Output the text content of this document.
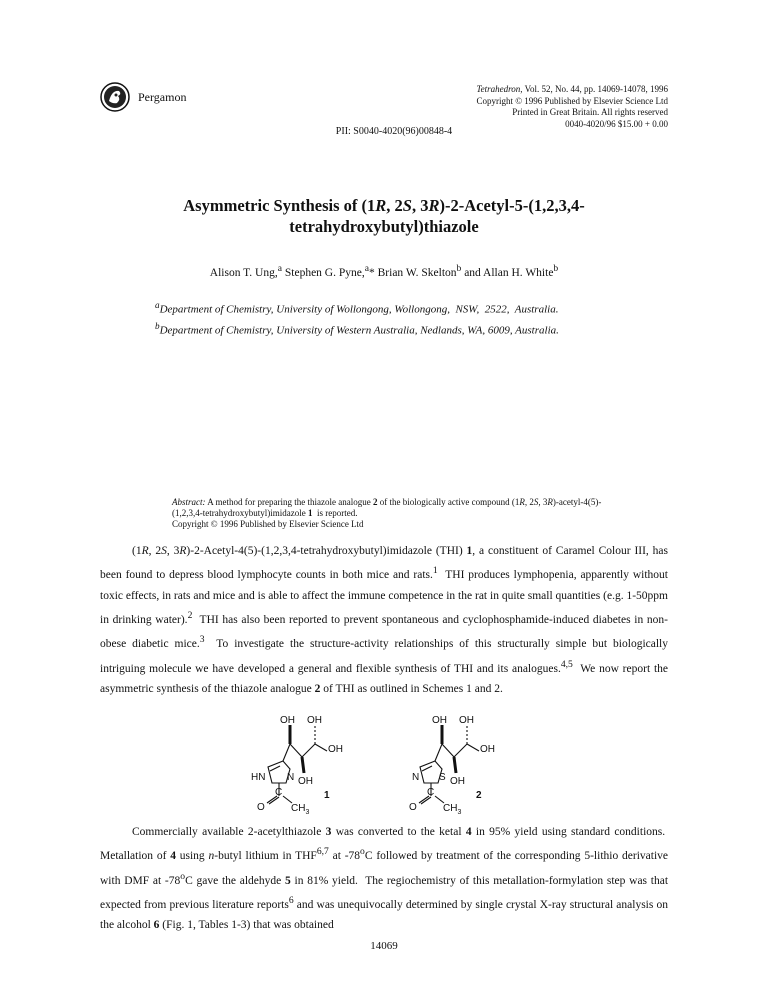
Pergamon
Tetrahedron, Vol. 52, No. 44, pp. 14069-14078, 1996
Copyright © 1996 Published by Elsevier Science Ltd
Printed in Great Britain. All rights reserved
0040-4020/96 $15.00 + 0.00
PII: S0040-4020(96)00848-4
Asymmetric Synthesis of (1R, 2S, 3R)-2-Acetyl-5-(1,2,3,4-
tetrahydroxybutyl)thiazole
Alison T. Ung,$^a$ Stephen G. Pyne,$^a$* Brian W. Skelton$^b$ and Allan H. White$^b$
$^a$Department of Chemistry, University of Wollongong, Wollongong,  NSW,  2522,  Australia.
$^b$Department of Chemistry, University of Western Australia, Nedlands, WA, 6009, Australia.
Abstract: A method for preparing the thiazole analogue 2 of the biologically active compound (1R, 2S, 3R)-acetyl-4(5)-(1,2,3,4-tetrahydroxybutyl)imidazole 1  is reported.
Copyright © 1996 Published by Elsevier Science Ltd
(1R, 2S, 3R)-2-Acetyl-4(5)-(1,2,3,4-tetrahydroxybutyl)imidazole (THI) 1, a constituent of Caramel Colour III, has been found to depress blood lymphocyte counts in both mice and rats.$^1$  THI produces lymphopenia, apparently without toxic effects, in rats and mice and is able to affect the immune competence in the rat in quite small quantities (e.g. 1-50ppm in drinking water).$^2$  THI has also been reported to prevent spontaneous and cyclophosphamide-induced diabetes in non-obese diabetic mice.$^3$  To investigate the structure-activity relationships of this structurally simple but biologically intriguing molecule we have developed a general and flexible synthesis of THI and its analogues.$^{4,5}$  We now report the asymmetric synthesis of the thiazole analogue 2 of THI as outlined in Schemes 1 and 2.
OH OH
OH
OH
HN N
C
O	$CH_3$
1
OH OH
OH
OH
N S
C
O	$CH_3$
2
Commercially available 2-acetylthiazole 3 was converted to the ketal 4 in 95% yield using standard conditions.  Metallation of 4 using n-butyl lithium in THF$^{6,7}$ at -78$^o$C followed by treatment of the corresponding 5-lithio derivative with DMF at -78$^o$C gave the aldehyde 5 in 81% yield.  The regiochemistry of this metallation-formylation step was that expected from previous literature reports$^6$ and was unequivocally determined by single crystal X-ray structural analysis on the alcohol 6 (Fig. 1, Tables 1-3) that was obtained
14069
